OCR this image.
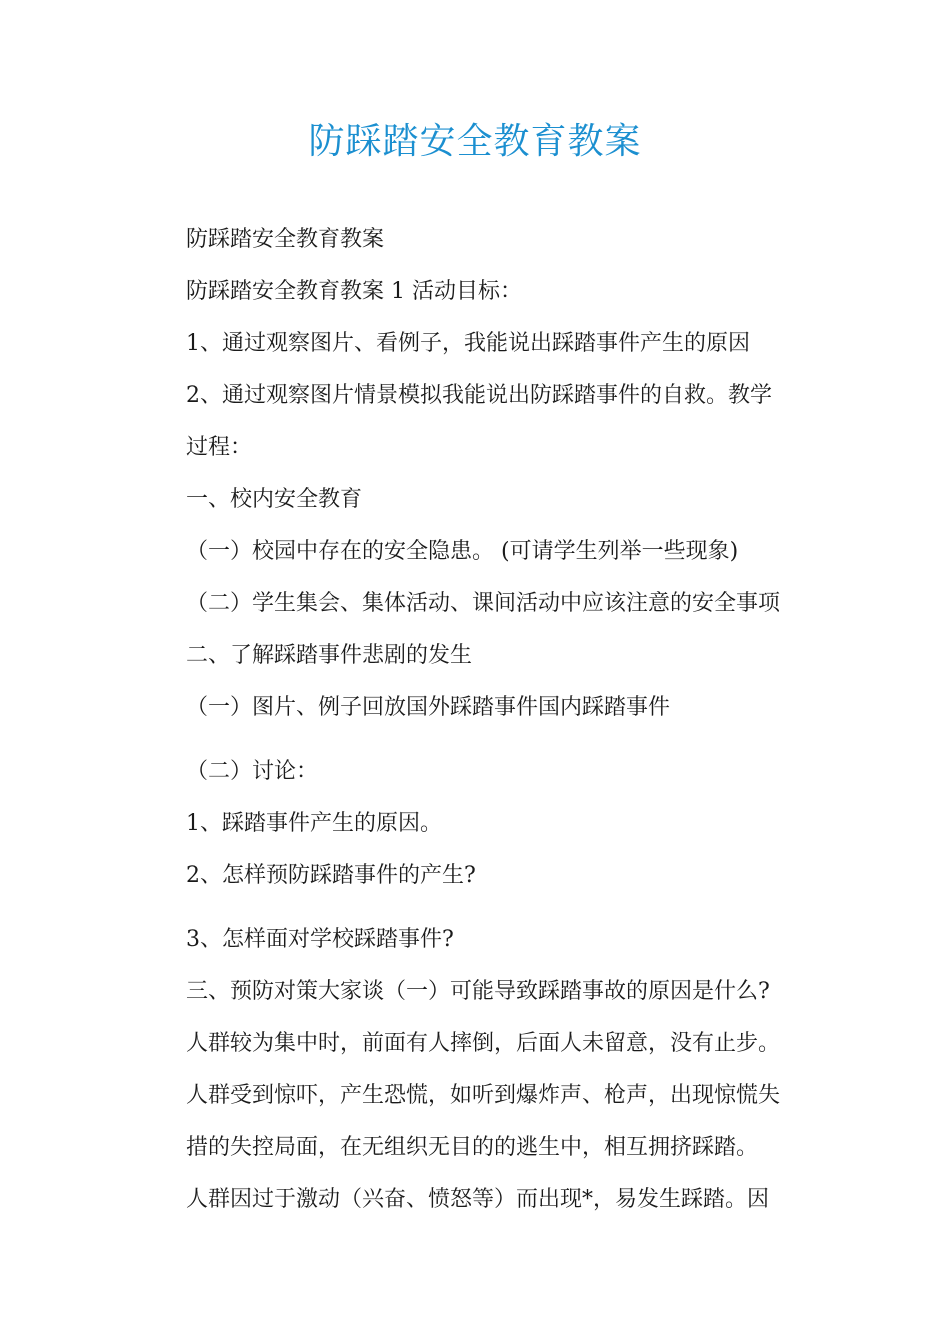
防踩踏安全教育教案
防踩踏安全教育教案
防踩踏安全教育教案 1 活动目标：
1、通过观察图片、看例子，我能说出踩踏事件产生的原因
2、通过观察图片情景模拟我能说出防踩踏事件的自救。教学
过程：
一、校内安全教育
（一）校园中存在的安全隐患。 (可请学生列举一些现象)
（二）学生集会、集体活动、课间活动中应该注意的安全事项
二、了解踩踏事件悲剧的发生
（一）图片、例子回放国外踩踏事件国内踩踏事件
（二）讨论：
1、踩踏事件产生的原因。
2、怎样预防踩踏事件的产生?
3、怎样面对学校踩踏事件?
三、预防对策大家谈（一）可能导致踩踏事故的原因是什么?
人群较为集中时，前面有人摔倒，后面人未留意，没有止步。
人群受到惊吓，产生恐慌，如听到爆炸声、枪声，出现惊慌失
措的失控局面，在无组织无目的的逃生中，相互拥挤踩踏。
人群因过于激动（兴奋、愤怒等）而出现*，易发生踩踏。因
